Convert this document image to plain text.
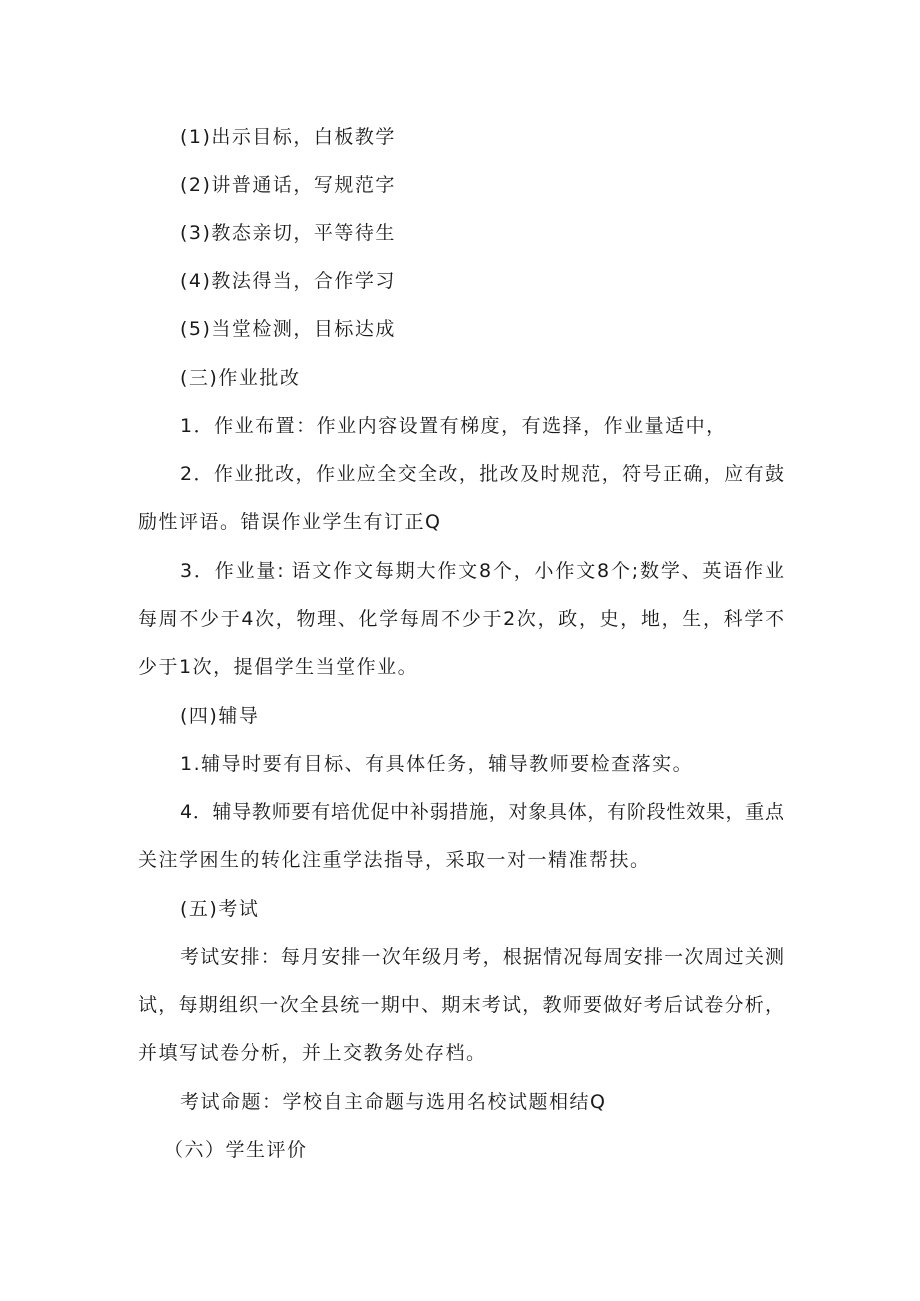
(1)出示目标，白板教学

(2)讲普通话，写规范字

(3)教态亲切，平等待生

(4)教法得当，合作学习

(5)当堂检测，目标达成

(三)作业批改

1．作业布置：作业内容设置有梯度，有选择，作业量适中，

2．作业批改，作业应全交全改，批改及时规范，符号正确，应有鼓

励性评语。错误作业学生有订正Q

3．作业量: 语文作文每期大作文8个，小作文8个;数学、英语作业

每周不少于4次，物理、化学每周不少于2次，政，史，地，生，科学不

少于1次，提倡学生当堂作业。

(四)辅导

1.辅导时要有目标、有具体任务，辅导教师要检查落实。

4．辅导教师要有培优促中补弱措施，对象具体，有阶段性效果，重点

关注学困生的转化注重学法指导，采取一对一精准帮扶。

(五)考试

考试安排：每月安排一次年级月考，根据情况每周安排一次周过关测

试，每期组织一次全县统一期中、期末考试，教师要做好考后试卷分析，

并填写试卷分析，并上交教务处存档。

考试命题：学校自主命题与选用名校试题相结Q

（六）学生评价
